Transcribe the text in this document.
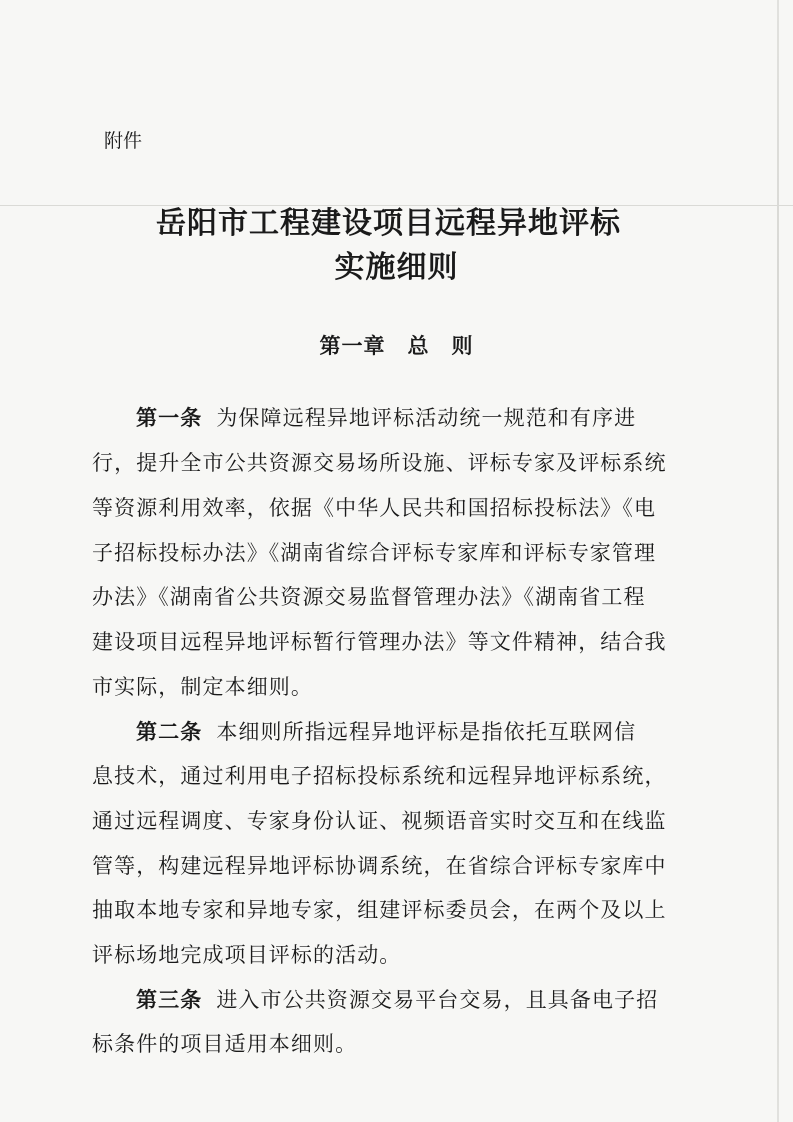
附件
岳阳市工程建设项目远程异地评标
实施细则
第一章　总　则
第一条 为保障远程异地评标活动统一规范和有序进
行，提升全市公共资源交易场所设施、评标专家及评标系统
等资源利用效率，依据《中华人民共和国招标投标法》《电
子招标投标办法》《湖南省综合评标专家库和评标专家管理
办法》《湖南省公共资源交易监督管理办法》《湖南省工程
建设项目远程异地评标暂行管理办法》等文件精神，结合我
市实际，制定本细则。
第二条 本细则所指远程异地评标是指依托互联网信
息技术，通过利用电子招标投标系统和远程异地评标系统，
通过远程调度、专家身份认证、视频语音实时交互和在线监
管等，构建远程异地评标协调系统，在省综合评标专家库中
抽取本地专家和异地专家，组建评标委员会，在两个及以上
评标场地完成项目评标的活动。
第三条 进入市公共资源交易平台交易，且具备电子招
标条件的项目适用本细则。
